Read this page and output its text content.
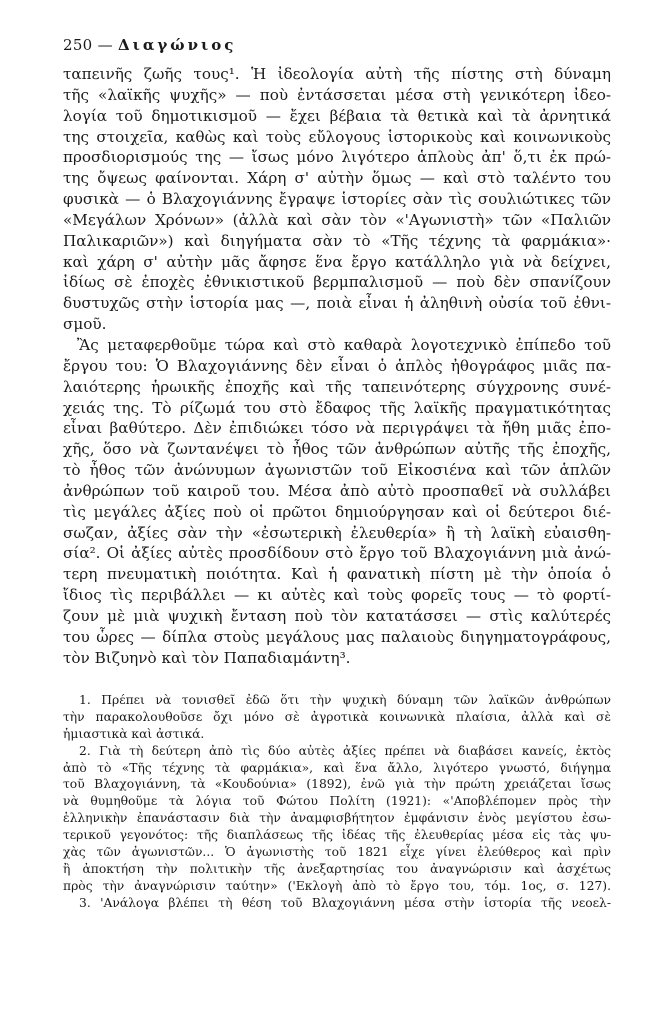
250 — Διαγώνιος
ταπεινῆς ζωῆς τους¹. Ἡ ἰδεολογία αὐτὴ τῆς πίστης στὴ δύναμη
τῆς «λαϊκῆς ψυχῆς» — ποὺ ἐντάσσεται μέσα στὴ γενικότερη ἰδεο-
λογία τοῦ δημοτικισμοῦ — ἔχει βέβαια τὰ θετικὰ καὶ τὰ ἀρνητικά
της στοιχεῖα, καθὼς καὶ τοὺς εὔλογους ἱστορικοὺς καὶ κοινωνικοὺς
προσδιορισμούς της — ἴσως μόνο λιγότερο ἁπλοὺς ἀπ' ὅ,τι ἐκ πρώ-
της ὄψεως φαίνονται. Χάρη σ' αὐτὴν ὅμως — καὶ στὸ ταλέντο του
φυσικὰ — ὁ Βλαχογιάννης ἔγραψε ἱστορίες σὰν τὶς σουλιώτικες τῶν
«Μεγάλων Χρόνων» (ἀλλὰ καὶ σὰν τὸν «'Αγωνιστὴ» τῶν «Παλιῶν
Παλικαριῶν») καὶ διηγήματα σὰν τὸ «Τῆς τέχνης τὰ φαρμάκια»·
καὶ χάρη σ' αὐτὴν μᾶς ἄφησε ἕνα ἔργο κατάλληλο γιὰ νὰ δείχνει,
ἰδίως σὲ ἐποχὲς ἐθνικιστικοῦ βερμπαλισμοῦ — ποὺ δὲν σπανίζουν
δυστυχῶς στὴν ἱστορία μας —, ποιὰ εἶναι ἡ ἀληθινὴ οὐσία τοῦ ἐθνι-
σμοῦ.
Ἂς μεταφερθοῦμε τώρα καὶ στὸ καθαρὰ λογοτεχνικὸ ἐπίπεδο τοῦ
ἔργου του: Ὁ Βλαχογιάννης δὲν εἶναι ὁ ἁπλὸς ἠθογράφος μιᾶς πα-
λαιότερης ἡρωικῆς ἐποχῆς καὶ τῆς ταπεινότερης σύγχρονης συνέ-
χειάς της. Τὸ ρίζωμά του στὸ ἔδαφος τῆς λαϊκῆς πραγματικότητας
εἶναι βαθύτερο. Δὲν ἐπιδιώκει τόσο νὰ περιγράψει τὰ ἤθη μιᾶς ἐπο-
χῆς, ὅσο νὰ ζωντανέψει τὸ ἦθος τῶν ἀνθρώπων αὐτῆς τῆς ἐποχῆς,
τὸ ἦθος τῶν ἀνώνυμων ἀγωνιστῶν τοῦ Εἰκοσιένα καὶ τῶν ἁπλῶν
ἀνθρώπων τοῦ καιροῦ του. Μέσα ἀπὸ αὐτὸ προσπαθεῖ νὰ συλλάβει
τὶς μεγάλες ἀξίες ποὺ οἱ πρῶτοι δημιούργησαν καὶ οἱ δεύτεροι διέ-
σωζαν, ἀξίες σὰν τὴν «ἐσωτερικὴ ἐλευθερία» ἢ τὴ λαϊκὴ εὐαισθη-
σία². Οἱ ἀξίες αὐτὲς προσδίδουν στὸ ἔργο τοῦ Βλαχογιάννη μιὰ ἀνώ-
τερη πνευματικὴ ποιότητα. Καὶ ἡ φανατικὴ πίστη μὲ τὴν ὁποία ὁ
ἴδιος τὶς περιβάλλει — κι αὐτὲς καὶ τοὺς φορεῖς τους — τὸ φορτί-
ζουν μὲ μιὰ ψυχικὴ ἔνταση ποὺ τὸν κατατάσσει — στὶς καλύτερές
του ὧρες — δίπλα στοὺς μεγάλους μας παλαιοὺς διηγηματογράφους,
τὸν Βιζυηνὸ καὶ τὸν Παπαδιαμάντη³.
1. Πρέπει νὰ τονισθεῖ ἐδῶ ὅτι τὴν ψυχικὴ δύναμη τῶν λαϊκῶν ἀνθρώπων
τὴν παρακολουθοῦσε ὄχι μόνο σὲ ἀγροτικὰ κοινωνικὰ πλαίσια, ἀλλὰ καὶ σὲ
ἡμιαστικὰ καὶ ἀστικά.
2. Γιὰ τὴ δεύτερη ἀπὸ τὶς δύο αὐτὲς ἀξίες πρέπει νὰ διαβάσει κανείς, ἐκτὸς
ἀπὸ τὸ «Τῆς τέχνης τὰ φαρμάκια», καὶ ἕνα ἄλλο, λιγότερο γνωστό, διήγημα
τοῦ Βλαχογιάννη, τὰ «Κουδούνια» (1892), ἐνῶ γιὰ τὴν πρώτη χρειάζεται ἴσως
νὰ θυμηθοῦμε τὰ λόγια τοῦ Φώτου Πολίτη (1921): «'Αποβλέπομεν πρὸς τὴν
ἑλληνικὴν ἐπανάστασιν διὰ τὴν ἀναμφισβήτητον ἐμφάνισιν ἑνὸς μεγίστου ἐσω-
τερικοῦ γεγονότος: τῆς διαπλάσεως τῆς ἰδέας τῆς ἐλευθερίας μέσα εἰς τὰς ψυ-
χὰς τῶν ἀγωνιστῶν... Ὁ ἀγωνιστὴς τοῦ 1821 εἶχε γίνει ἐλεύθερος καὶ πρὶν
ἢ ἀποκτήση τὴν πολιτικὴν τῆς ἀνεξαρτησίας του ἀναγνώρισιν καὶ ἀσχέτως
πρὸς τὴν ἀναγνώρισιν ταύτην» ('Εκλογὴ ἀπὸ τὸ ἔργο του, τόμ. 1ος, σ. 127).
3. 'Ανάλογα βλέπει τὴ θέση τοῦ Βλαχογιάννη μέσα στὴν ἱστορία τῆς νεοελ-
